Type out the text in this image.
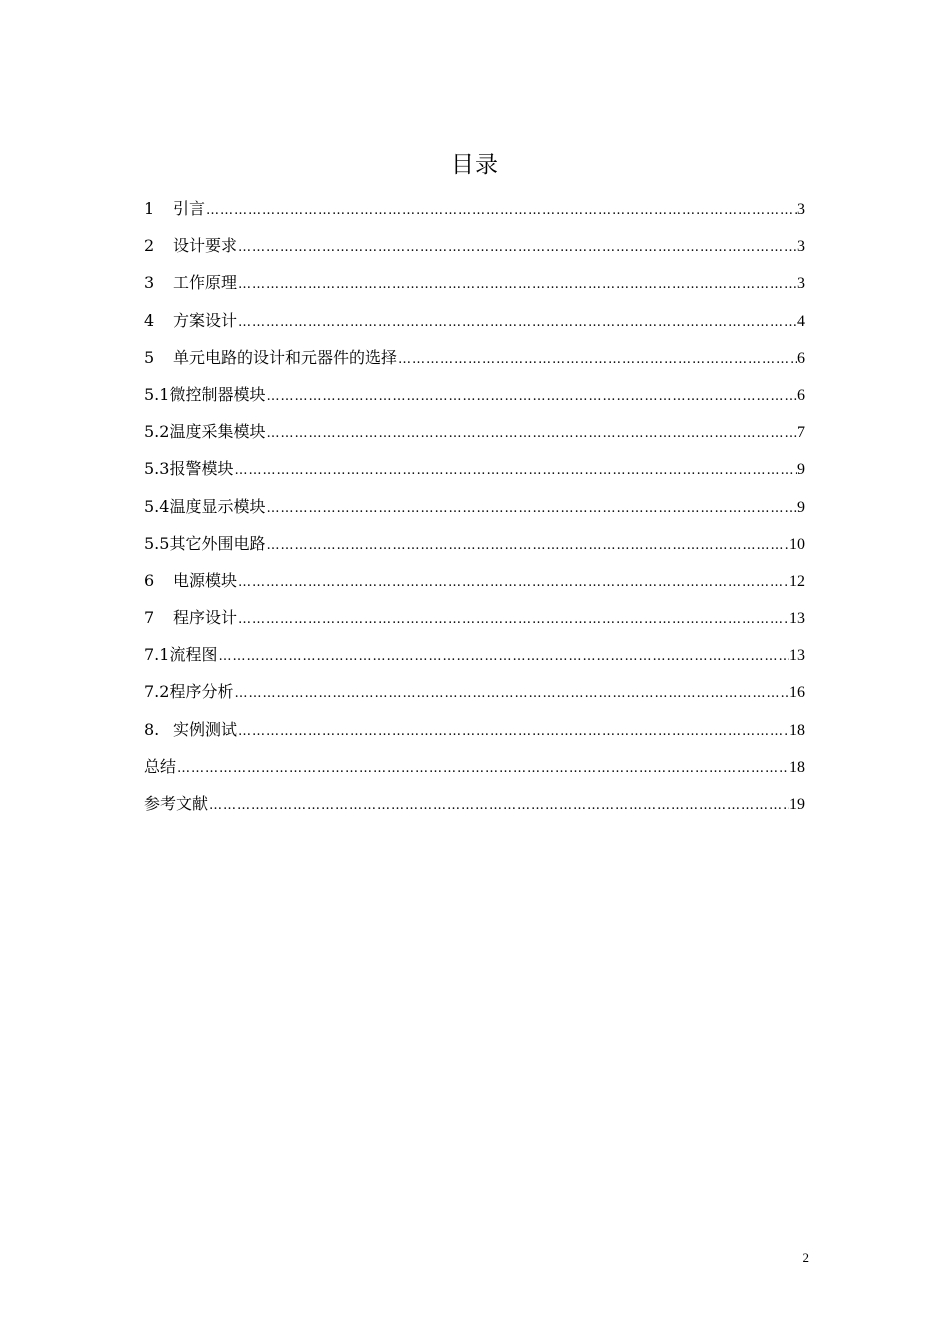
目录
1	引言 ……………………………………………………………………………………………………………………………………………………………………	3
2	设计要求 ……………………………………………………………………………………………………………………………………………………………………	3
3	工作原理 ……………………………………………………………………………………………………………………………………………………………………	3
4	方案设计 ……………………………………………………………………………………………………………………………………………………………………	4
5	单元电路的设计和元器件的选择 ……………………………………………………………………………………………………………………………………………………………………	6
5.1 微控制器模块 ……………………………………………………………………………………………………………………………………………………………………	6
5.2 温度采集模块 ……………………………………………………………………………………………………………………………………………………………………	7
5.3 报警模块 ……………………………………………………………………………………………………………………………………………………………………	9
5.4 温度显示模块 ……………………………………………………………………………………………………………………………………………………………………	9
5.5 其它外围电路 ……………………………………………………………………………………………………………………………………………………………………	10
6	电源模块 ……………………………………………………………………………………………………………………………………………………………………	12
7	程序设计 ……………………………………………………………………………………………………………………………………………………………………	13
7.1 流程图 ……………………………………………………………………………………………………………………………………………………………………	13
7.2 程序分析 ……………………………………………………………………………………………………………………………………………………………………	16
8. 实例测试 ……………………………………………………………………………………………………………………………………………………………………	18
总结 ……………………………………………………………………………………………………………………………………………………………………	18
参考文献 ……………………………………………………………………………………………………………………………………………………………………	19
2
